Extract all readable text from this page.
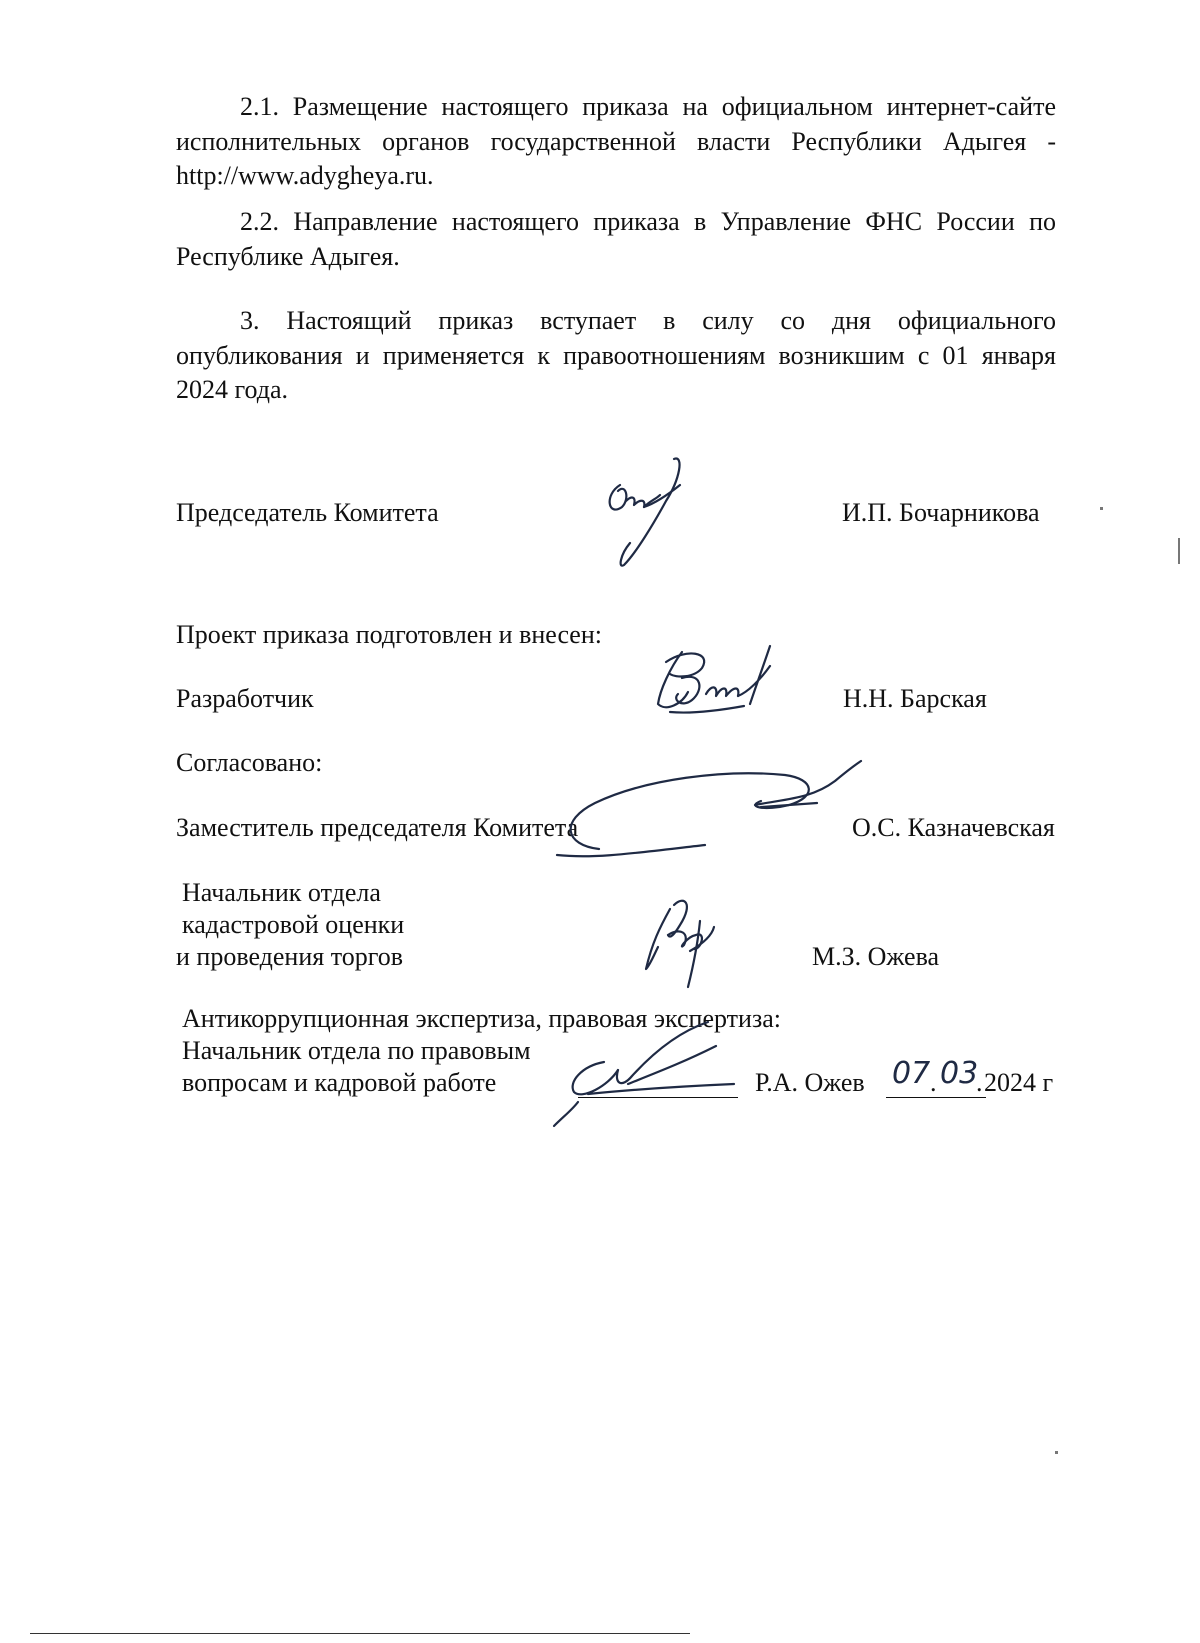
2.1. Размещение настоящего приказа на официальном интернет-сайте исполнительных органов государственной власти Республики Адыгея - http://www.adygheya.ru.

2.2. Направление настоящего приказа в Управление ФНС России по Республике Адыгея.

3. Настоящий приказ вступает в силу со дня официального опубликования и применяется к правоотношениям возникшим с 01 января 2024 года.

Председатель Комитета	И.П. Бочарникова
Проект приказа подготовлен и внесен:
Разработчик	Н.Н. Барская
Согласовано:
Заместитель председателя Комитета	О.С. Казначевская
Начальник отдела
кадастровой оценки
и проведения торгов	М.З. Ожева
Антикоррупционная экспертиза, правовая экспертиза:
Начальник отдела по правовым
вопросам и кадровой работе	Р.А. Ожев 07 . 03
. 2024 г
